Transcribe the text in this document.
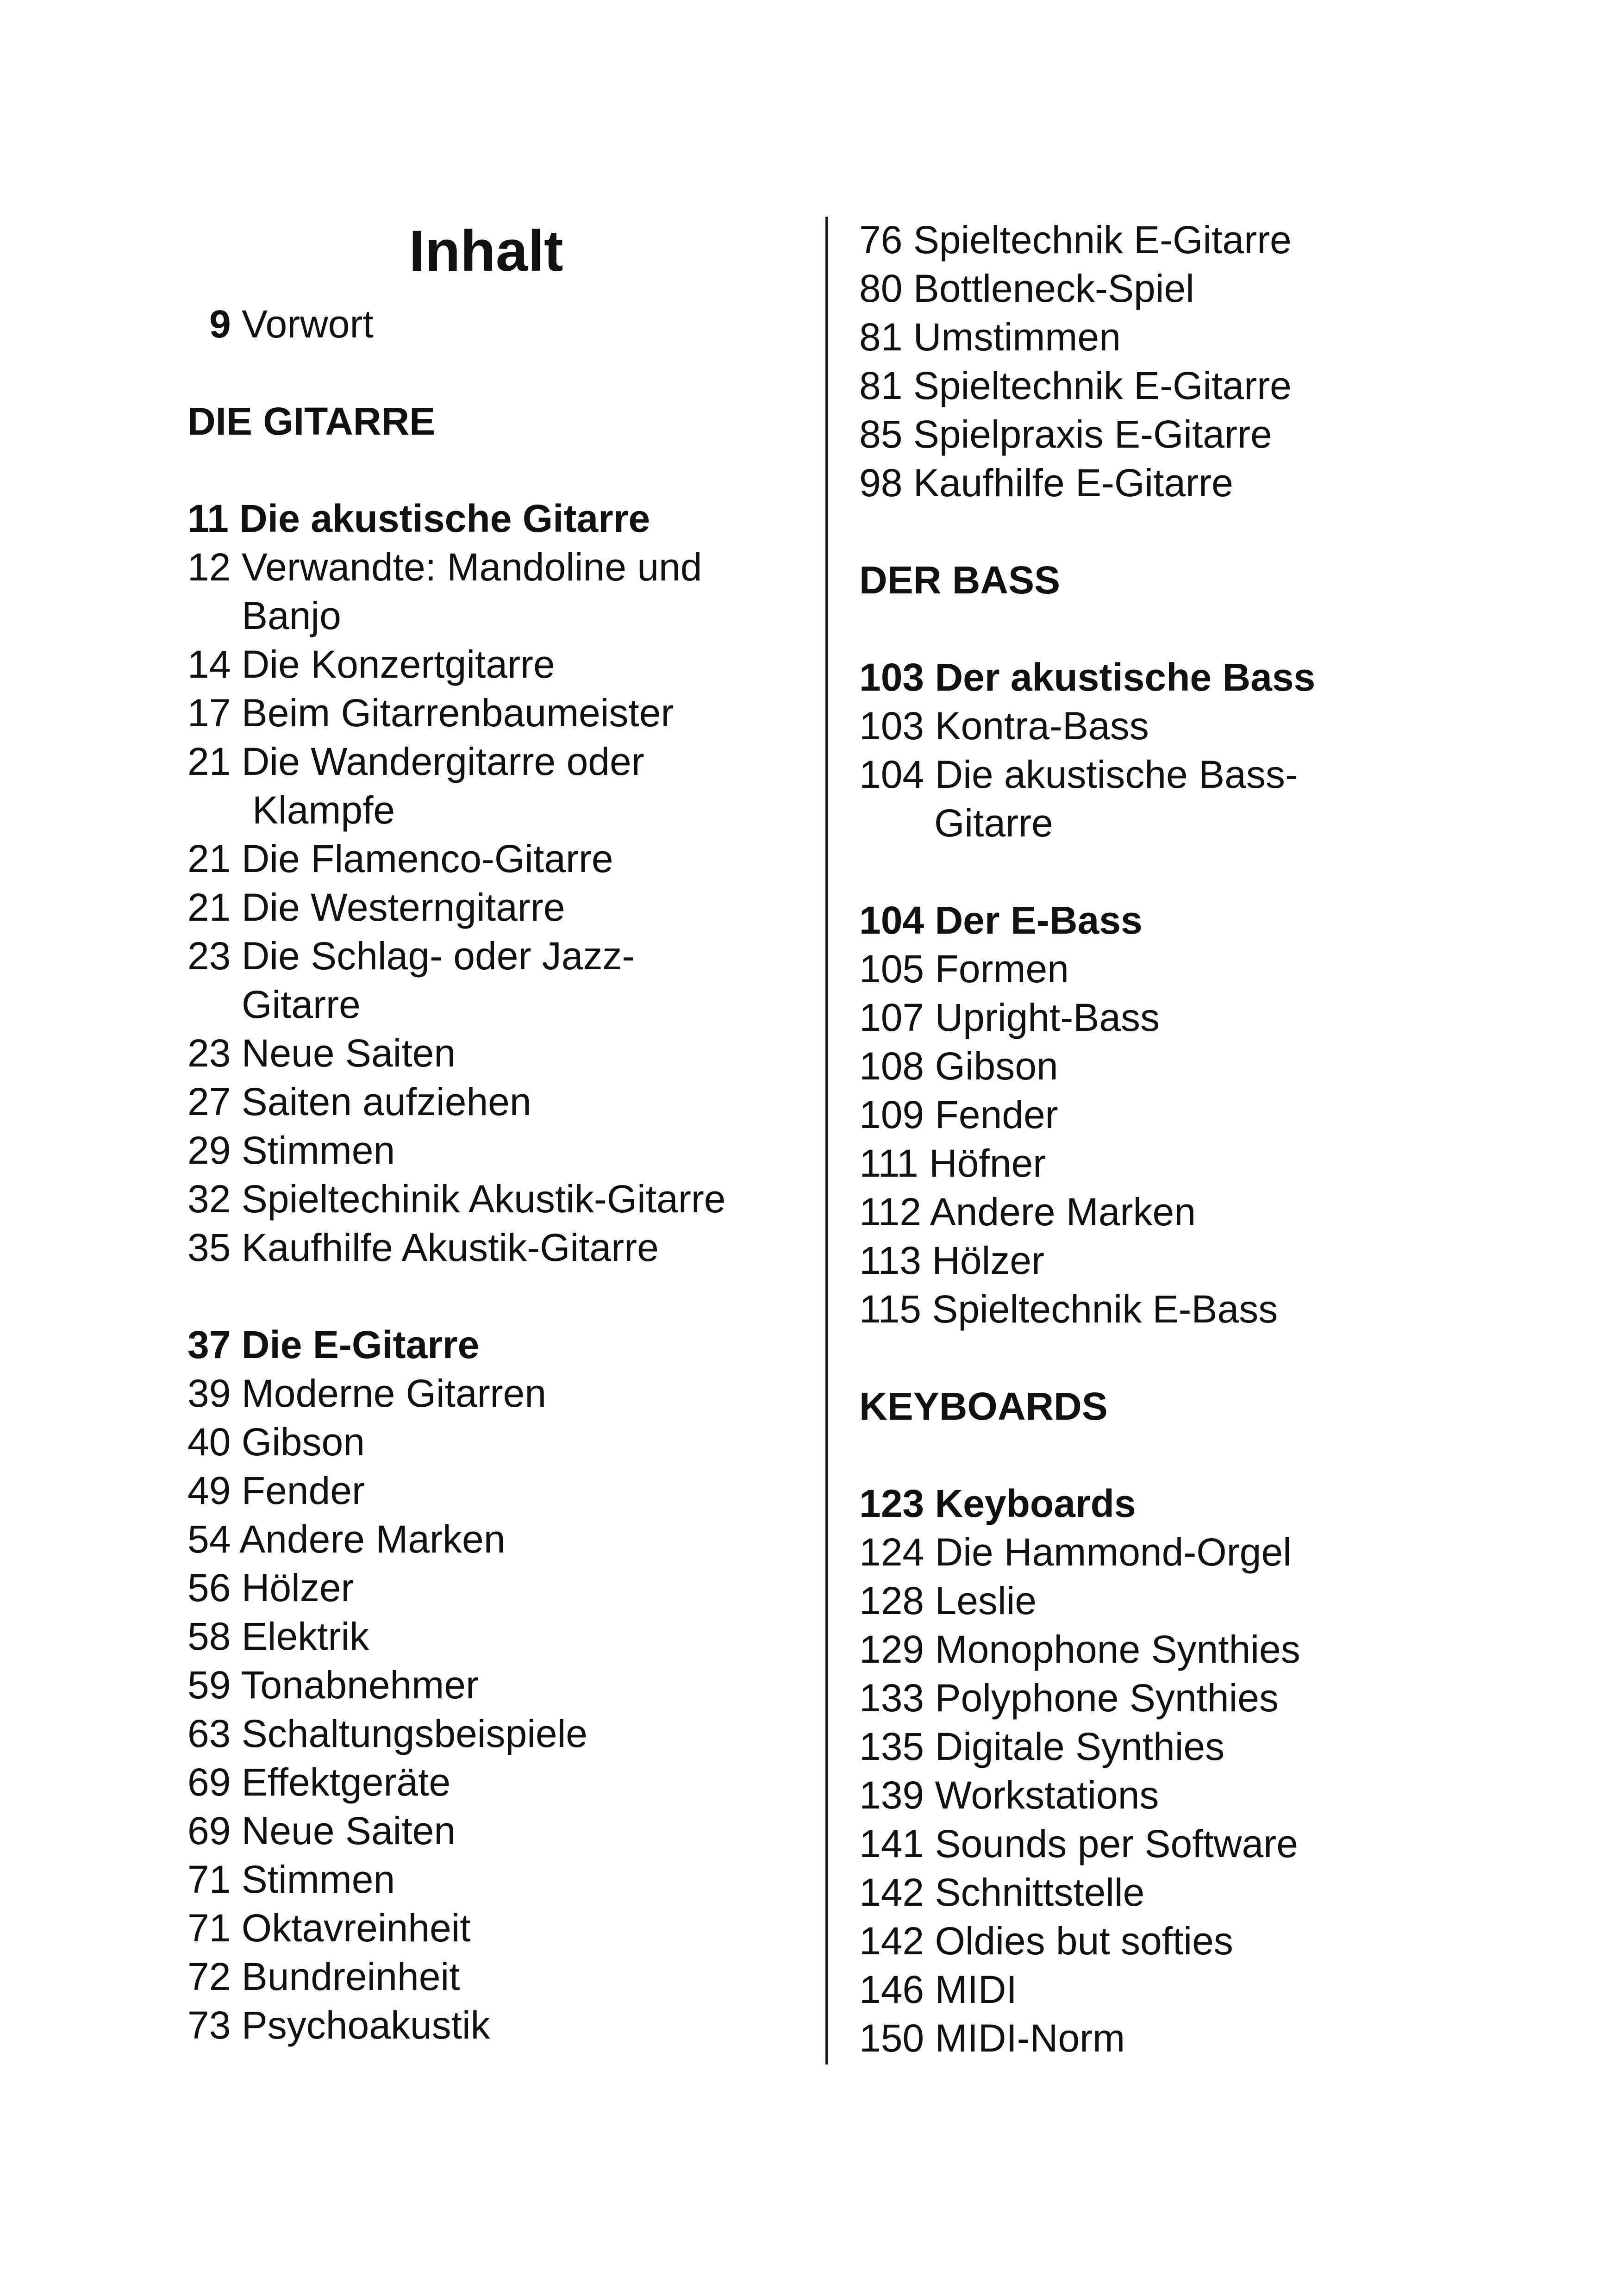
Inhalt
9 Vorwort
DIE GITARRE
11 Die akustische Gitarre
12 Verwandte: Mandoline und
Banjo
14 Die Konzertgitarre
17 Beim Gitarrenbaumeister
21 Die Wandergitarre oder
Klampfe
21 Die Flamenco-Gitarre
21 Die Westerngitarre
23 Die Schlag- oder Jazz-
Gitarre
23 Neue Saiten
27 Saiten aufziehen
29 Stimmen
32 Spieltechinik Akustik-Gitarre
35 Kaufhilfe Akustik-Gitarre
37 Die E-Gitarre
39 Moderne Gitarren
40 Gibson
49 Fender
54 Andere Marken
56 Hölzer
58 Elektrik
59 Tonabnehmer
63 Schaltungsbeispiele
69 Effektgeräte
69 Neue Saiten
71 Stimmen
71 Oktavreinheit
72 Bundreinheit
73 Psychoakustik
76 Spieltechnik E-Gitarre
80 Bottleneck-Spiel
81 Umstimmen
81 Spieltechnik E-Gitarre
85 Spielpraxis E-Gitarre
98 Kaufhilfe E-Gitarre
DER BASS
103 Der akustische Bass
103 Kontra-Bass
104 Die akustische Bass-
Gitarre
104 Der E-Bass
105 Formen
107 Upright-Bass
108 Gibson
109 Fender
111 Höfner
112 Andere Marken
113 Hölzer
115 Spieltechnik E-Bass
KEYBOARDS
123 Keyboards
124 Die Hammond-Orgel
128 Leslie
129 Monophone Synthies
133 Polyphone Synthies
135 Digitale Synthies
139 Workstations
141 Sounds per Software
142 Schnittstelle
142 Oldies but softies
146 MIDI
150 MIDI-Norm
